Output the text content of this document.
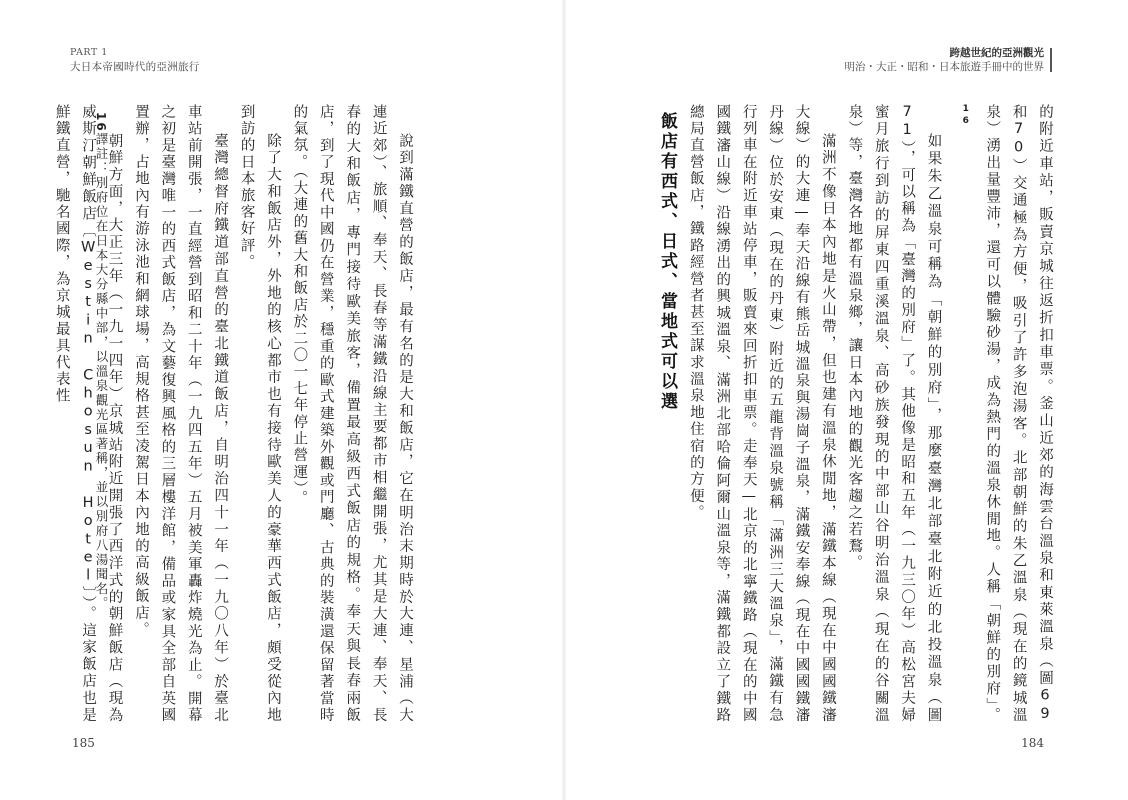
PART 1
大日本帝國時代的亞洲旅行

說到滿鐵直營的飯店，最有名的是大和飯店，它在明治末期時於大連、星浦（大連近郊）、旅順、奉天、長春等滿鐵沿線主要都市相繼開張，尤其是大連、奉天、長春的大和飯店，專門接待歐美旅客，備置最高級西式飯店的規格。奉天與長春兩飯店，到了現代中國仍在營業，穩重的歐式建築外觀或門廳、古典的裝潢還保留著當時的氣氛。（大連的舊大和飯店於二〇一七年停止營運）。

除了大和飯店外，外地的核心都市也有接待歐美人的豪華西式飯店，頗受從內地到訪的日本旅客好評。

臺灣總督府鐵道部直營的臺北鐵道飯店，自明治四十一年（一九〇八年）於臺北車站前開張，一直經營到昭和二十年（一九四五年）五月被美軍轟炸燒光為止。開幕之初是臺灣唯一的西式飯店，為文藝復興風格的三層樓洋館，備品或家具全部自英國置辦，占地內有游泳池和網球場，高規格甚至凌駕日本內地的高級飯店。

朝鮮方面，大正三年（一九一四年）京城站附近開張了西洋式的朝鮮飯店（現為威斯汀朝鮮飯店〔Westin Chosun Hotel〕）。這家飯店也是鮮鐵直營，馳名國際，為京城最具代表性	16譯註：別府位在日本大分縣中部，以溫泉觀光區著稱，並以別府八湯聞名。
185
跨越世紀的亞洲觀光
明治・大正・昭和・日本旅遊手冊中的世界

的附近車站，販賣京城往返折扣車票。釜山近郊的海雲台溫泉和東萊溫泉（圖69和70）交通極為方便，吸引了許多泡湯客。北部朝鮮的朱乙溫泉（現在的鏡城溫泉）湧出量豐沛，還可以體驗砂湯，成為熱門的溫泉休閒地。人稱「朝鮮的別府」。$^{16}$

如果朱乙溫泉可稱為「朝鮮的別府」，那麼臺灣北部臺北附近的北投溫泉（圖71），可以稱為「臺灣的別府」了。其他像是昭和五年（一九三〇年）高松宮夫婦蜜月旅行到訪的屏東四重溪溫泉、高砂族發現的中部山谷明治溫泉（現在的谷關溫泉）等，臺灣各地都有溫泉鄉，讓日本內地的觀光客趨之若鶩。

滿洲不像日本內地是火山帶，但也建有溫泉休閒地，滿鐵本線（現在中國國鐵瀋大線）的大連—奉天沿線有熊岳城溫泉與湯崗子溫泉，滿鐵安奉線（現在中國國鐵瀋丹線）位於安東（現在的丹東）附近的五龍背溫泉號稱「滿洲三大溫泉」，滿鐵有急行列車在附近車站停車，販賣來回折扣車票。走奉天—北京的北寧鐵路（現在的中國國鐵瀋山線）沿線湧出的興城溫泉、滿洲北部哈倫阿爾山溫泉等，滿鐵都設立了鐵路總局直營飯店，鐵路經營者甚至謀求溫泉地住宿的方便。

飯店有西式、日式、當地式可以選
184
